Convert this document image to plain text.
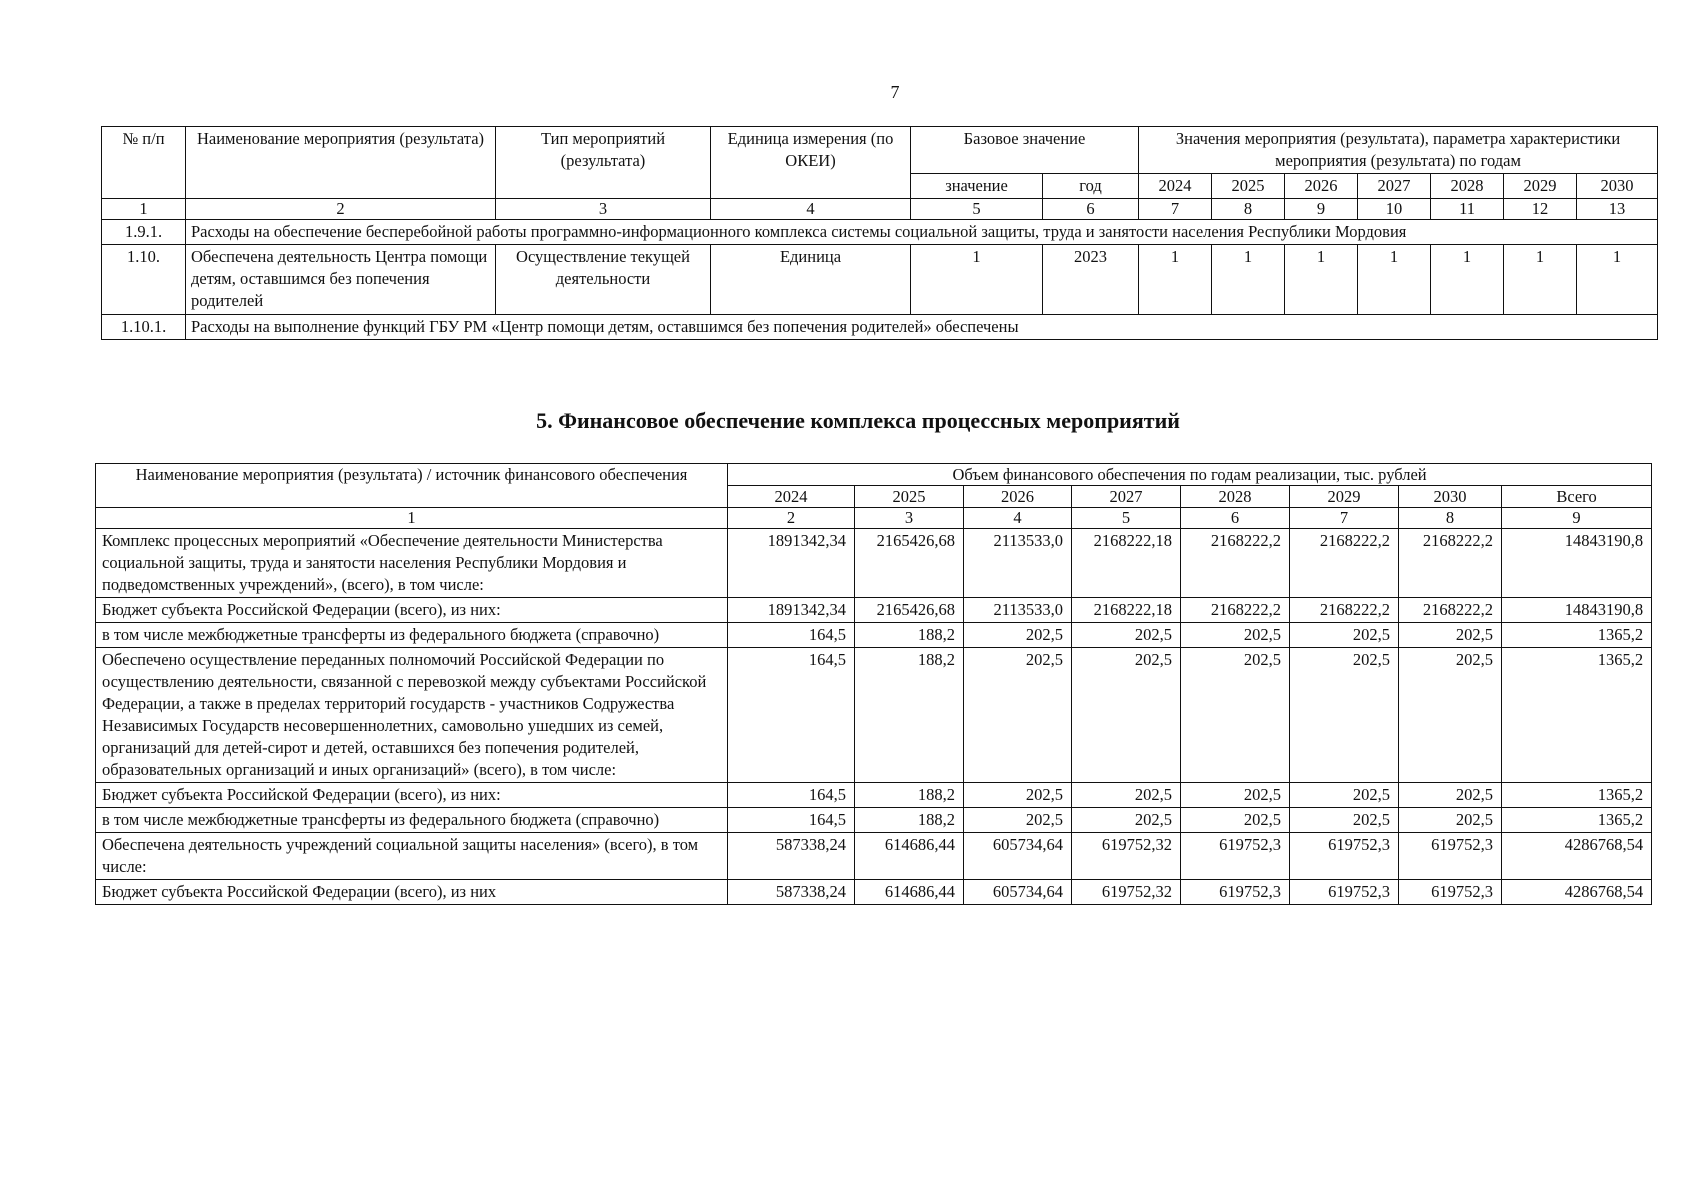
7
№ п/п	Наименование мероприятия (результата)	Тип мероприятий (результата)	Единица измерения (по ОКЕИ)	Базовое значение		Значения мероприятия (результата), параметра характеристики мероприятия (результата) по годам						
				значение	год	2024	2025	2026	2027	2028	2029	2030
1	2	3	4	5	6	7	8	9	10	11	12	13
1.9.1.	Расходы на обеспечение бесперебойной работы программно-информационного комплекса системы социальной защиты, труда и занятости населения Республики Мордовия											
1.10.	Обеспечена деятельность Центра помощи детям, оставшимся без попечения родителей	Осуществление текущей деятельности	Единица	1	2023	1	1	1	1	1	1	1
1.10.1.	Расходы на выполнение функций ГБУ РМ «Центр помощи детям, оставшимся без попечения родителей» обеспечены											
5. Финансовое обеспечение комплекса процессных мероприятий
Наименование мероприятия (результата) / источник финансового обеспечения	Объем финансового обеспечения по годам реализации, тыс. рублей							
	2024	2025	2026	2027	2028	2029	2030	Всего
1	2	3	4	5	6	7	8	9
Комплекс процессных мероприятий «Обеспечение деятельности Министерства социальной защиты, труда и занятости населения Республики Мордовия и подведомственных учреждений», (всего), в том числе:	1891342,34	2165426,68	2113533,0	2168222,18	2168222,2	2168222,2	2168222,2	14843190,8
Бюджет субъекта Российской Федерации (всего), из них:	1891342,34	2165426,68	2113533,0	2168222,18	2168222,2	2168222,2	2168222,2	14843190,8
в том числе межбюджетные трансферты из федерального бюджета (справочно)	164,5	188,2	202,5	202,5	202,5	202,5	202,5	1365,2
Обеспечено осуществление переданных полномочий Российской Федерации по осуществлению деятельности, связанной с перевозкой между субъектами Российской Федерации, а также в пределах территорий государств - участников Содружества Независимых Государств несовершеннолетних, самовольно ушедших из семей, организаций для детей-сирот и детей, оставшихся без попечения родителей, образовательных организаций и иных организаций» (всего), в том числе:	164,5	188,2	202,5	202,5	202,5	202,5	202,5	1365,2
Бюджет субъекта Российской Федерации (всего), из них:	164,5	188,2	202,5	202,5	202,5	202,5	202,5	1365,2
в том числе межбюджетные трансферты из федерального бюджета (справочно)	164,5	188,2	202,5	202,5	202,5	202,5	202,5	1365,2
Обеспечена деятельность учреждений социальной защиты населения» (всего), в том числе:	587338,24	614686,44	605734,64	619752,32	619752,3	619752,3	619752,3	4286768,54
Бюджет субъекта Российской Федерации (всего), из них	587338,24	614686,44	605734,64	619752,32	619752,3	619752,3	619752,3	4286768,54
